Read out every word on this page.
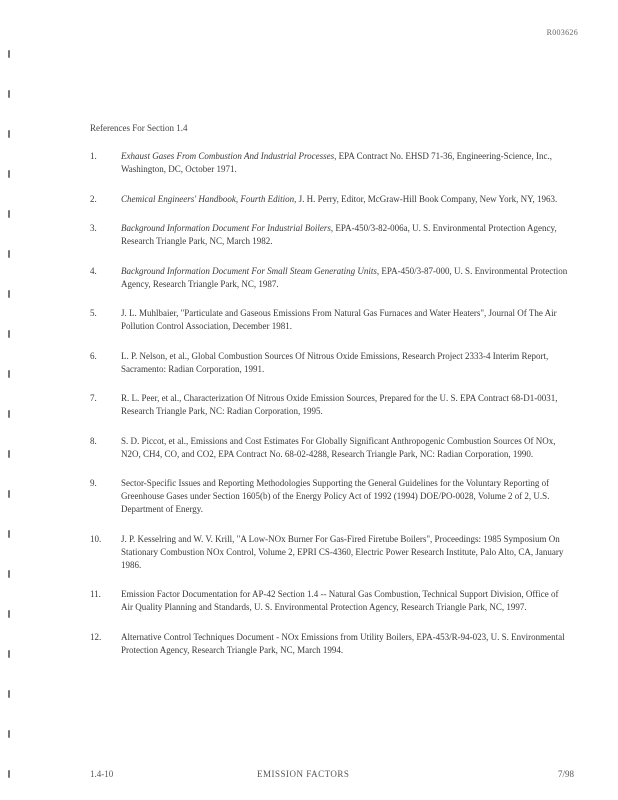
R003626
References For Section 1.4
1.	Exhaust Gases From Combustion And Industrial Processes, EPA Contract No. EHSD 71-36, Engineering-Science, Inc., Washington, DC, October 1971.
2.	Chemical Engineers' Handbook, Fourth Edition, J. H. Perry, Editor, McGraw-Hill Book Company, New York, NY, 1963.
3.	Background Information Document For Industrial Boilers, EPA-450/3-82-006a, U. S. Environmental Protection Agency, Research Triangle Park, NC, March 1982.
4.	Background Information Document For Small Steam Generating Units, EPA-450/3-87-000, U. S. Environmental Protection Agency, Research Triangle Park, NC, 1987.
5.	J. L. Muhlbaier, "Particulate and Gaseous Emissions From Natural Gas Furnaces and Water Heaters", Journal Of The Air Pollution Control Association, December 1981.
6.	L. P. Nelson, et al., Global Combustion Sources Of Nitrous Oxide Emissions, Research Project 2333-4 Interim Report, Sacramento: Radian Corporation, 1991.
7.	R. L. Peer, et al., Characterization Of Nitrous Oxide Emission Sources, Prepared for the U. S. EPA Contract 68-D1-0031, Research Triangle Park, NC: Radian Corporation, 1995.
8.	S. D. Piccot, et al., Emissions and Cost Estimates For Globally Significant Anthropogenic Combustion Sources Of NOx, N2O, CH4, CO, and CO2, EPA Contract No. 68-02-4288, Research Triangle Park, NC: Radian Corporation, 1990.
9.	Sector-Specific Issues and Reporting Methodologies Supporting the General Guidelines for the Voluntary Reporting of Greenhouse Gases under Section 1605(b) of the Energy Policy Act of 1992 (1994) DOE/PO-0028, Volume 2 of 2, U.S. Department of Energy.
10.	J. P. Kesselring and W. V. Krill, "A Low-NOx Burner For Gas-Fired Firetube Boilers", Proceedings: 1985 Symposium On Stationary Combustion NOx Control, Volume 2, EPRI CS-4360, Electric Power Research Institute, Palo Alto, CA, January 1986.
11.	Emission Factor Documentation for AP-42 Section 1.4 -- Natural Gas Combustion, Technical Support Division, Office of Air Quality Planning and Standards, U. S. Environmental Protection Agency, Research Triangle Park, NC, 1997.
12.	Alternative Control Techniques Document - NOx Emissions from Utility Boilers, EPA-453/R-94-023, U. S. Environmental Protection Agency, Research Triangle Park, NC, March 1994.
1.4-10	EMISSION FACTORS	7/98
